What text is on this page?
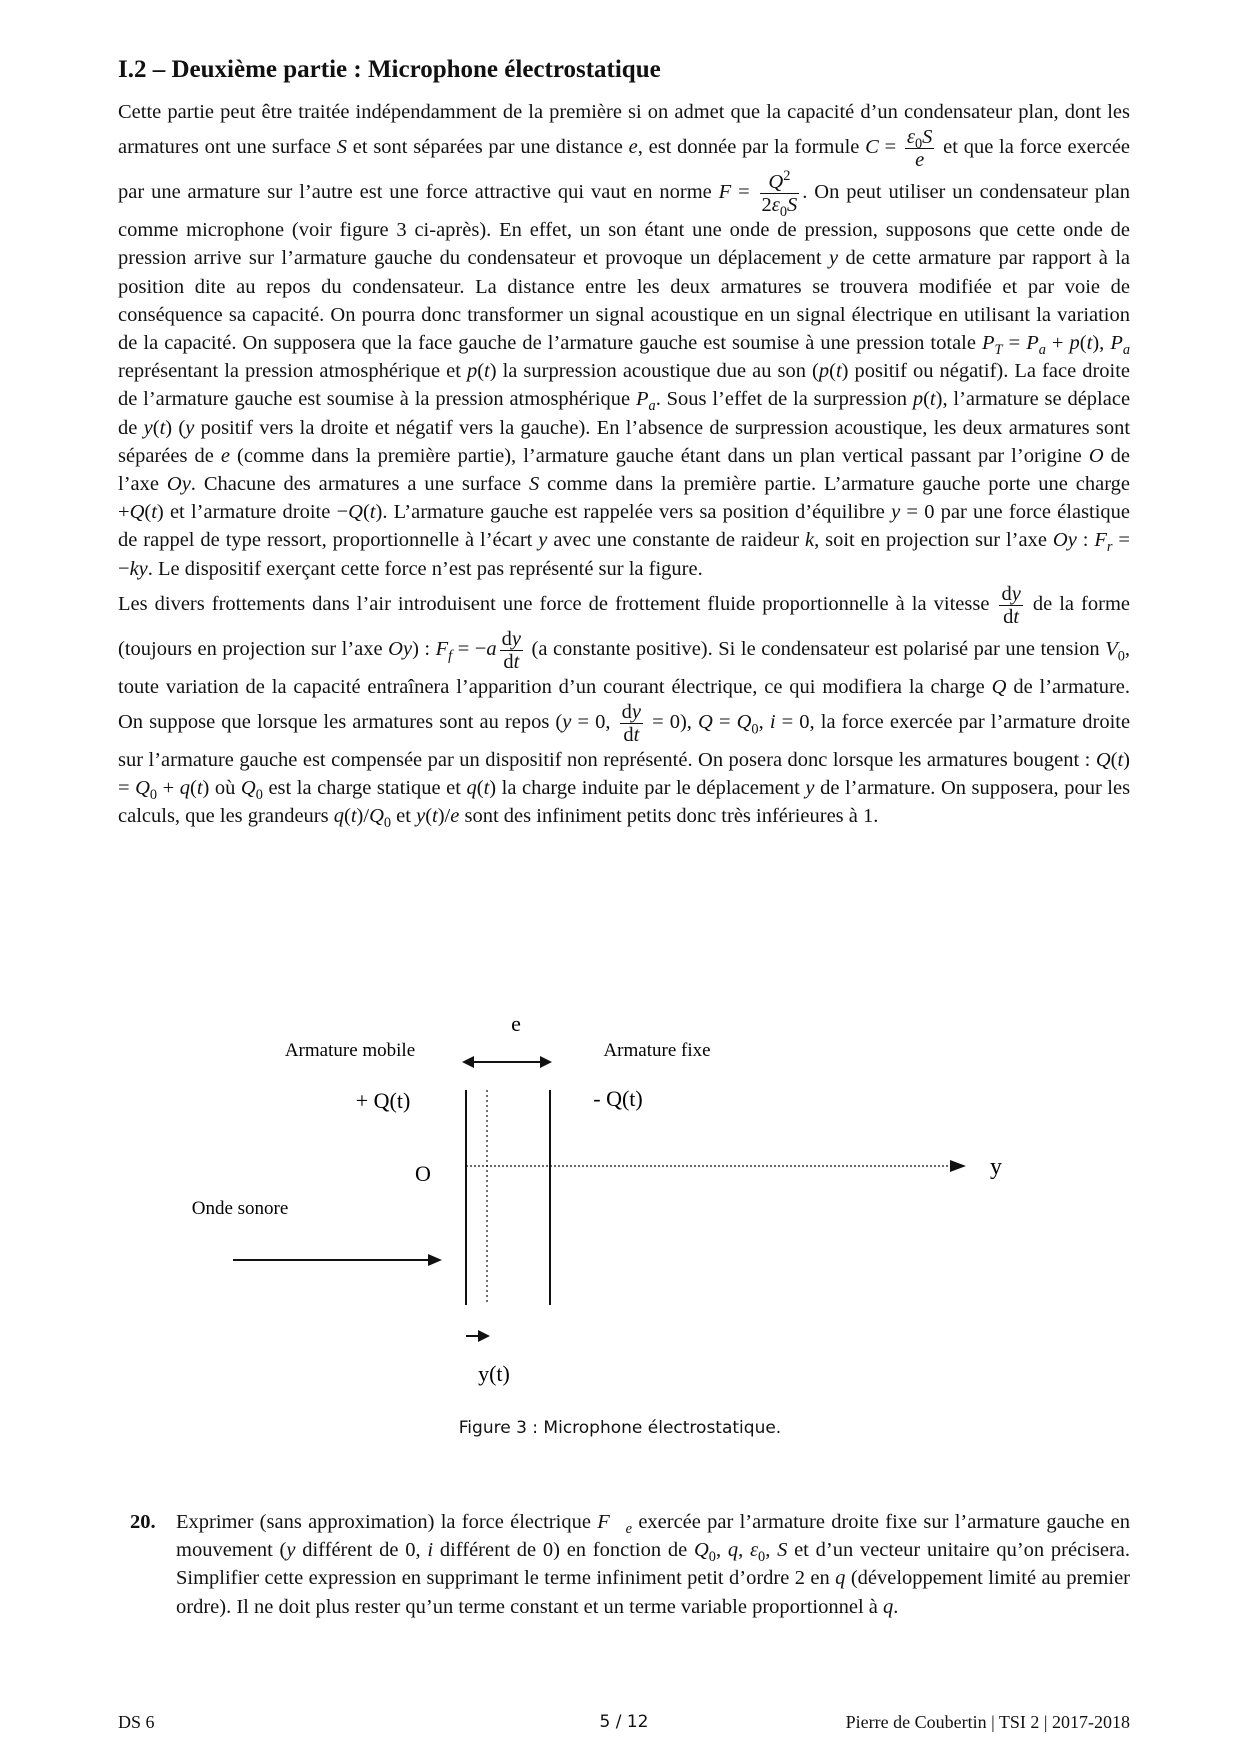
I.2 – Deuxième partie : Microphone électrostatique

Cette partie peut être traitée indépendamment de la première si on admet que la capacité d’un condensateur plan, dont les armatures ont une surface S et sont séparées par une distance e, est donnée par la formule $C = \frac{\varepsilon_0S}{e}$ et que la force exercée par une armature sur l’autre est une force attractive qui vaut en norme $F = \frac{Q^2}{2\varepsilon_0S}$ . On peut utiliser un condensateur plan comme microphone (voir figure 3 ci-après). En effet, un son étant une onde de pression, supposons que cette onde de pression arrive sur l’armature gauche du condensateur et provoque un déplacement y de cette armature par rapport à la position dite au repos du condensateur. La distance entre les deux armatures se trouvera modifiée et par voie de conséquence sa capacité. On pourra donc transformer un signal acoustique en un signal électrique en utilisant la variation de la capacité. On supposera que la face gauche de l’armature gauche est soumise à une pression totale $P_T = P_a + p(t)$, $P_a$ représentant la pression atmosphérique et p(t) la surpression acoustique due au son (p(t) positif ou négatif). La face droite de l’armature gauche est soumise à la pression atmosphérique $P_a$. Sous l’effet de la surpression p(t), l’armature se déplace de y(t) (y positif vers la droite et négatif vers la gauche). En l’absence de surpression acoustique, les deux armatures sont séparées de e (comme dans la première partie), l’armature gauche étant dans un plan vertical passant par l’origine O de l’axe Oy. Chacune des armatures a une surface S comme dans la première partie. L’armature gauche porte une charge +Q(t) et l’armature droite −Q(t). L’armature gauche est rappelée vers sa position d’équilibre y = 0 par une force élastique de rappel de type ressort, proportionnelle à l’écart y avec une constante de raideur k, soit en projection sur l’axe Oy : $F_r = -ky$. Le dispositif exerçant cette force n’est pas représenté sur la figure.
Les divers frottements dans l’air introduisent une force de frottement fluide proportionnelle à la vitesse $\frac{dy}{dt}$ de la forme (toujours en projection sur l’axe Oy) : $F_f = -a \frac{dy}{dt} (a$ constante positive). Si le condensateur est polarisé par une tension $V_0$, toute variation de la capacité entraînera l’apparition d’un courant électrique, ce qui modifiera la charge Q de l’armature. On suppose que lorsque les armatures sont au repos (y = 0, $\frac{dy}{dt} = 0$), $Q = Q_0$, i = 0, la force exercée par l’armature droite sur l’armature gauche est compensée par un dispositif non représenté. On posera donc lorsque les armatures bougent : $Q(t) = Q_0 + q(t)$ où $Q_0$ est la charge statique et q(t) la charge induite par le déplacement y de l’armature. On supposera, pour les calculs, que les grandeurs $q(t)/Q_0$ et y(t)/e sont des infiniment petits donc très inférieures à 1.

e
Armature mobile	Armature fixe
+ Q(t)	- Q(t)
O	y
Onde sonore
y(t)
Figure 3 : Microphone électrostatique.
20. Exprimer (sans approximation) la force électrique $F⃗_e$ exercée par l’armature droite fixe sur l’armature gauche en mouvement (y différent de 0, i différent de 0) en fonction de $Q_0$, q, $\varepsilon_0$, S et d’un vecteur unitaire qu’on précisera. Simplifier cette expression en supprimant le terme infiniment petit d’ordre 2 en q (développement limité au premier ordre). Il ne doit plus rester qu’un terme constant et un terme variable proportionnel à q.
DS 6	5 / 12	Pierre de Coubertin | TSI 2 | 2017-2018
